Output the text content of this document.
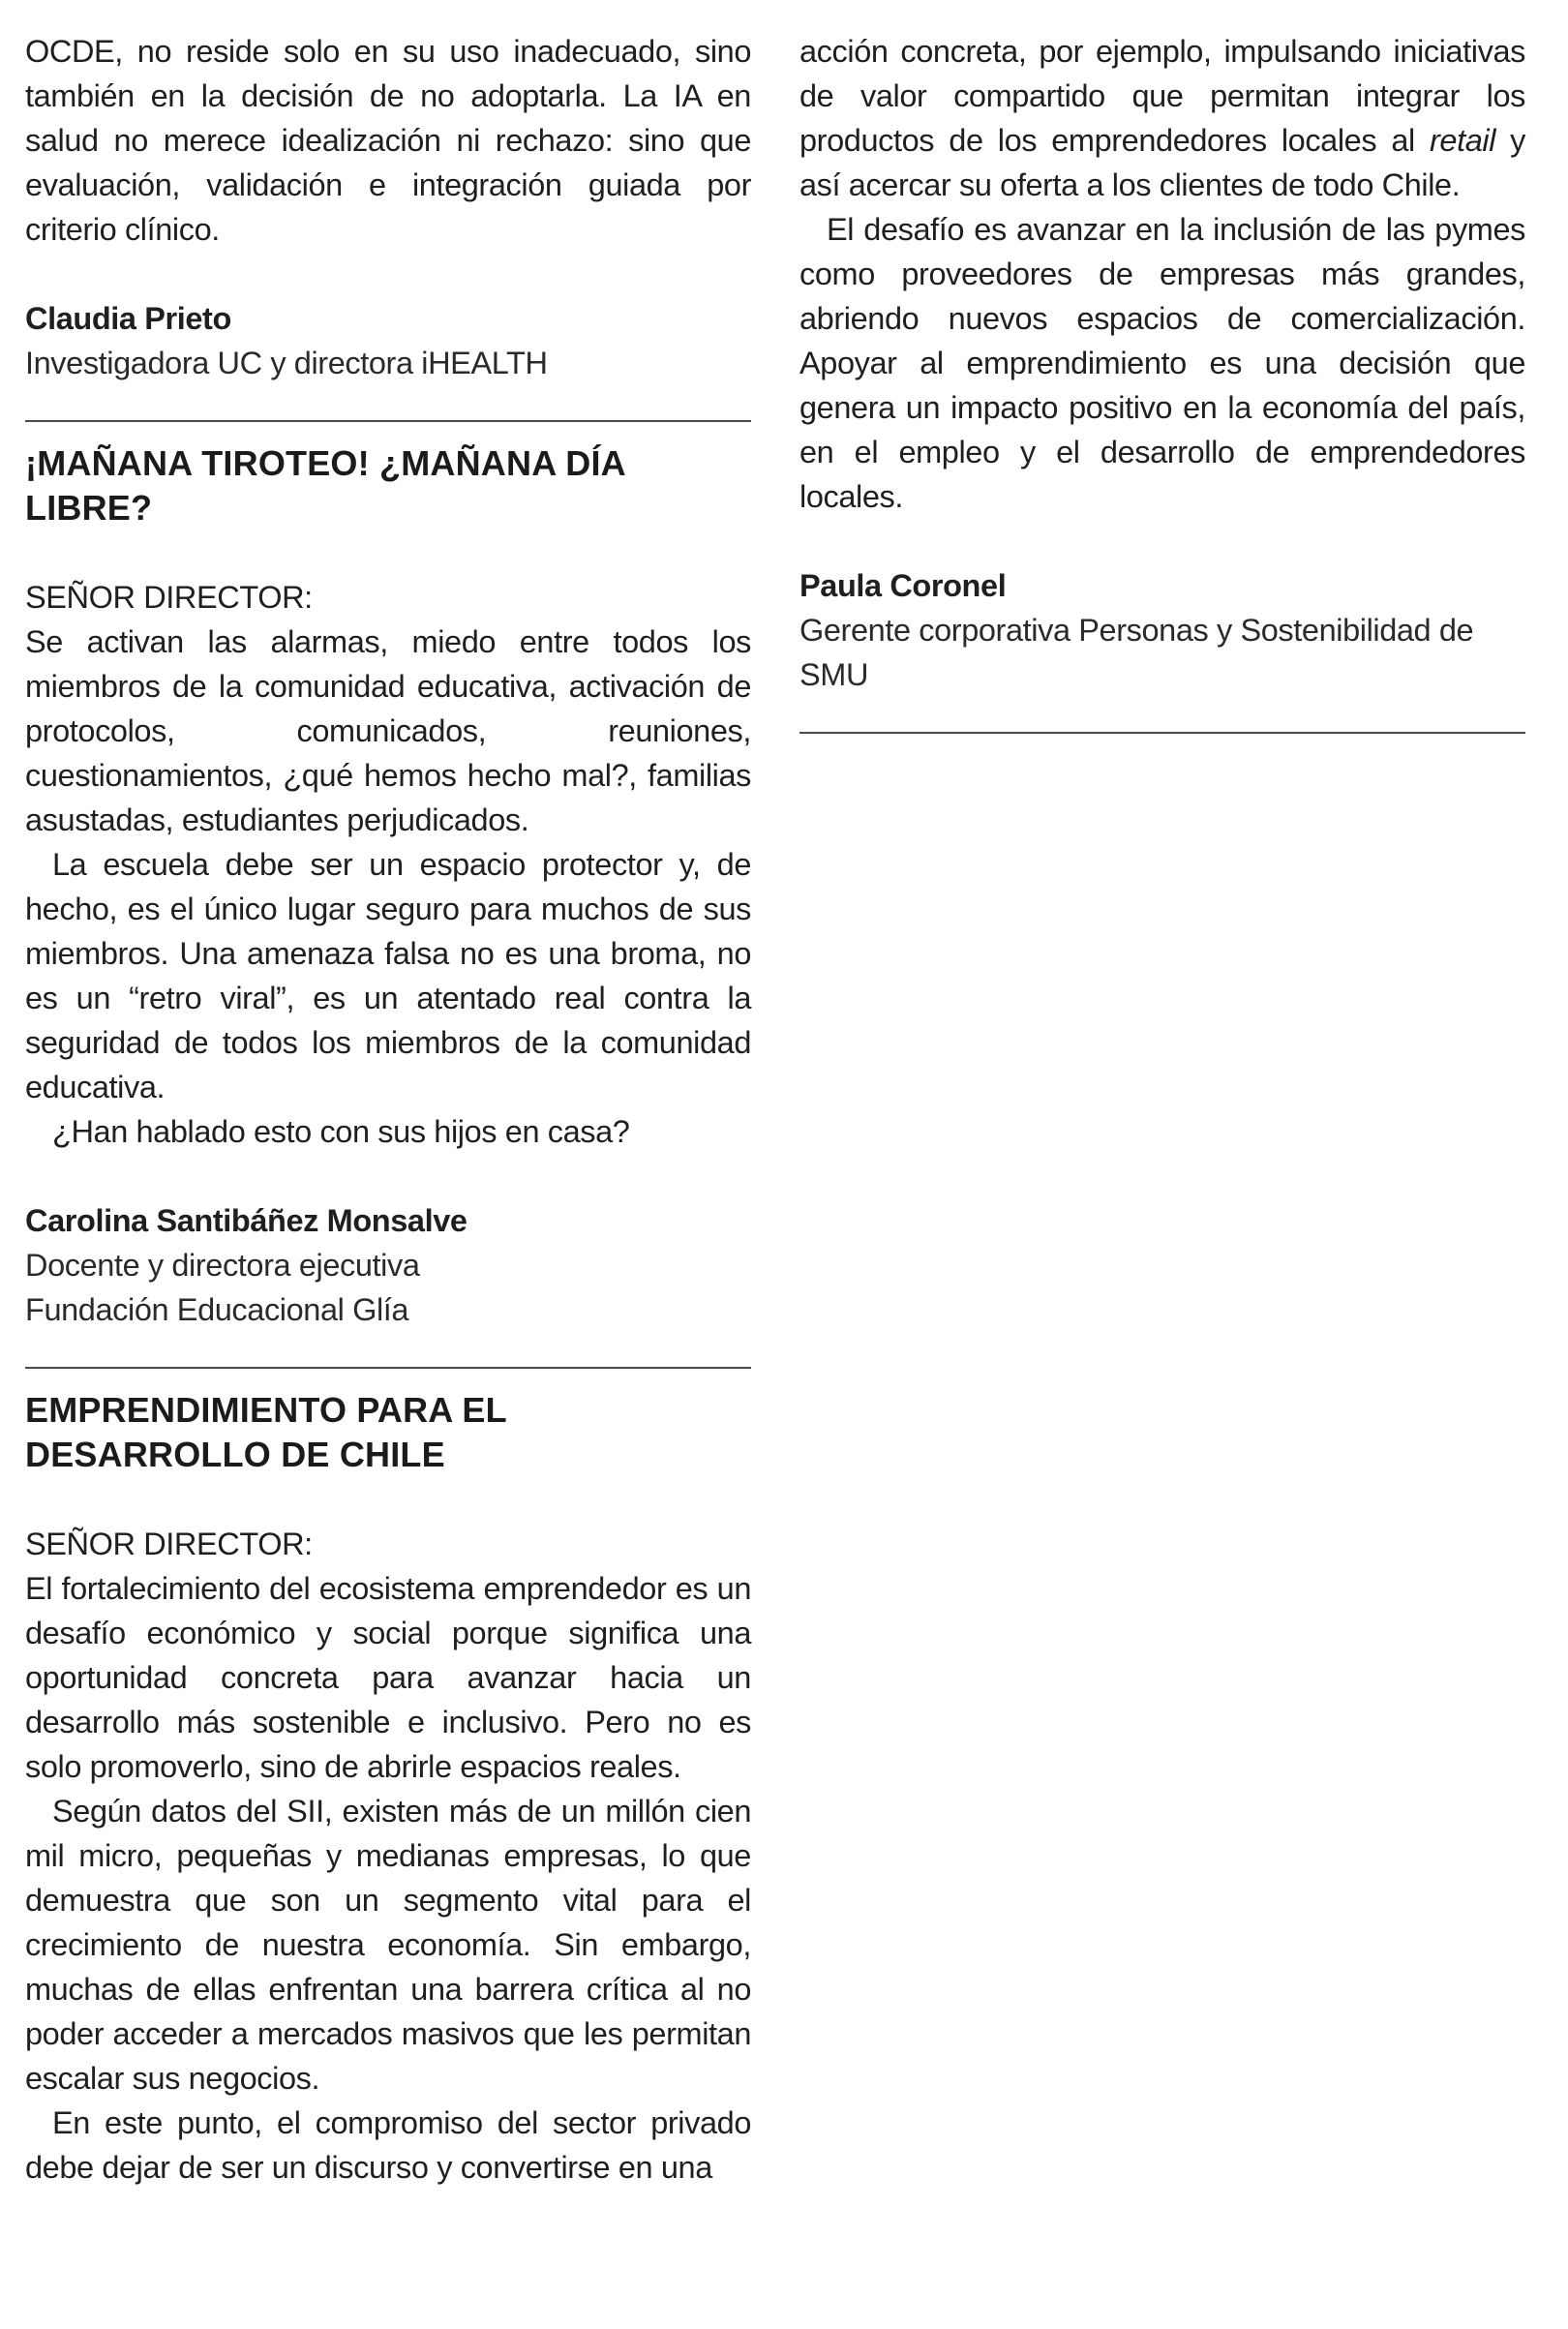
OCDE, no reside solo en su uso inadecuado, sino también en la decisión de no adoptarla. La IA en salud no merece idealización ni rechazo: sino que evaluación, validación e integración guiada por criterio clínico.

Claudia Prieto

Investigadora UC y directora iHEALTH

¡MAÑANA TIROTEO! ¿MAÑANA DÍA LIBRE?

SEÑOR DIRECTOR:

Se activan las alarmas, miedo entre todos los miembros de la comunidad educativa, activación de protocolos, comunicados, reuniones, cuestionamientos, ¿qué hemos hecho mal?, familias asustadas, estudiantes perjudicados.

La escuela debe ser un espacio protector y, de hecho, es el único lugar seguro para muchos de sus miembros. Una amenaza falsa no es una broma, no es un “retro viral”, es un atentado real contra la seguridad de todos los miembros de la comunidad educativa.

¿Han hablado esto con sus hijos en casa?

Carolina Santibáñez Monsalve

Docente y directora ejecutiva

Fundación Educacional Glía

EMPRENDIMIENTO PARA EL DESARROLLO DE CHILE

SEÑOR DIRECTOR:

El fortalecimiento del ecosistema emprendedor es un desafío económico y social porque significa una oportunidad concreta para avanzar hacia un desarrollo más sostenible e inclusivo. Pero no es solo promoverlo, sino de abrirle espacios reales.

Según datos del SII, existen más de un millón cien mil micro, pequeñas y medianas empresas, lo que demuestra que son un segmento vital para el crecimiento de nuestra economía. Sin embargo, muchas de ellas enfrentan una barrera crítica al no poder acceder a mercados masivos que les permitan escalar sus negocios.

En este punto, el compromiso del sector privado debe dejar de ser un discurso y convertirse en una

acción concreta, por ejemplo, impulsando iniciativas de valor compartido que permitan integrar los productos de los emprendedores locales al retail y así acercar su oferta a los clientes de todo Chile.

El desafío es avanzar en la inclusión de las pymes como proveedores de empresas más grandes, abriendo nuevos espacios de comercialización. Apoyar al emprendimiento es una decisión que genera un impacto positivo en la economía del país, en el empleo y el desarrollo de emprendedores locales.

Paula Coronel

Gerente corporativa Personas y Sostenibilidad de SMU
